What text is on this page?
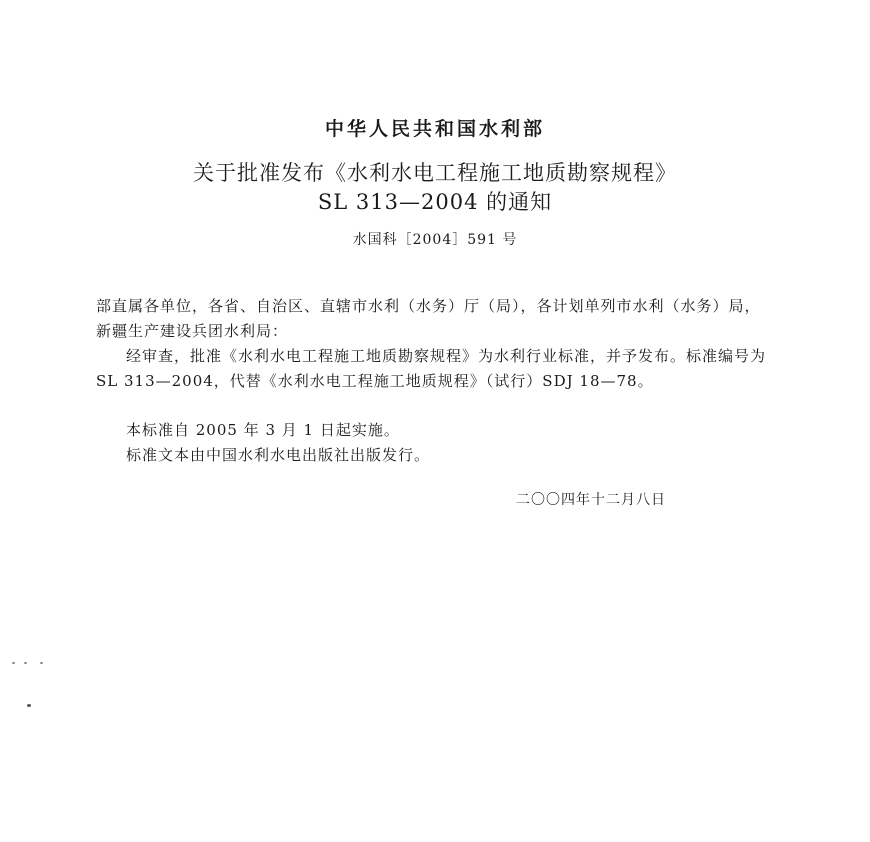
中华人民共和国水利部
关于批准发布《水利水电工程施工地质勘察规程》
SL 313—2004 的通知
水国科［2004］591 号
部直属各单位，各省、自治区、直辖市水利（水务）厅（局），各计划单列市水利（水务）局，新疆生产建设兵团水利局：
经审查，批准《水利水电工程施工地质勘察规程》为水利行业标准，并予发布。标准编号为 SL 313—2004，代替《水利水电工程施工地质规程》（试行）SDJ 18—78。
本标准自 2005 年 3 月 1 日起实施。
标准文本由中国水利水电出版社出版发行。
二〇〇四年十二月八日
